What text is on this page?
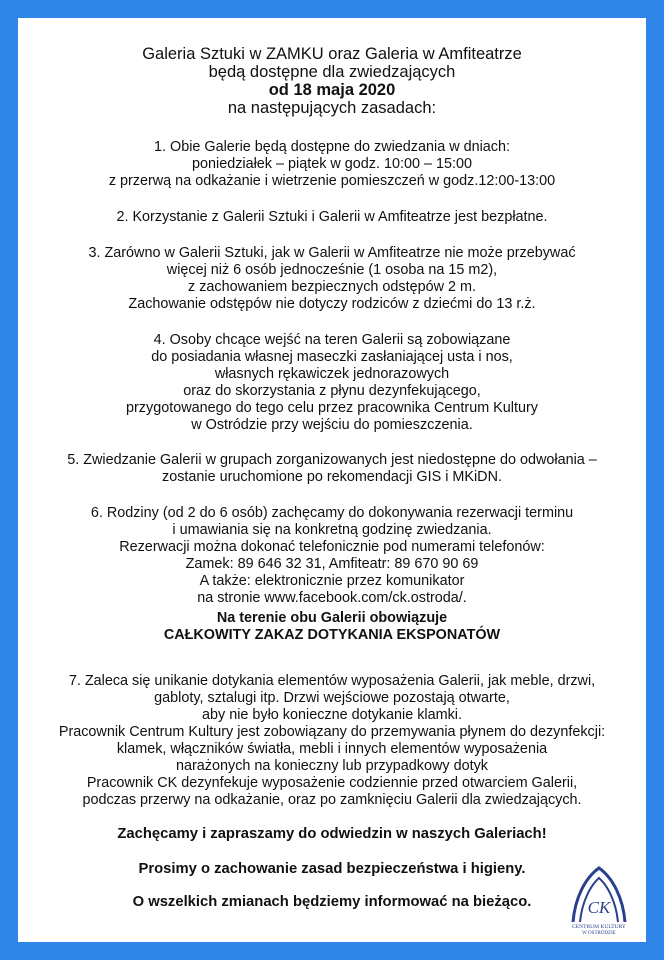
Galeria Sztuki w ZAMKU oraz Galeria w Amfiteatrze
będą dostępne dla zwiedzających
od 18 maja 2020
na następujących zasadach:
1. Obie Galerie będą dostępne do zwiedzania w dniach:
poniedziałek – piątek w godz. 10:00 – 15:00
z przerwą na odkażanie i wietrzenie pomieszczeń w godz.12:00-13:00
2. Korzystanie z Galerii Sztuki i Galerii w Amfiteatrze jest bezpłatne.
3. Zarówno w Galerii Sztuki, jak w Galerii w Amfiteatrze nie może przebywać
więcej niż 6 osób jednocześnie (1 osoba na 15 m2),
z zachowaniem bezpiecznych odstępów 2 m.
Zachowanie odstępów nie dotyczy rodziców z dziećmi do 13 r.ż.
4. Osoby chcące wejść na teren Galerii są zobowiązane
do posiadania własnej maseczki zasłaniającej usta i nos,
własnych rękawiczek jednorazowych
oraz do skorzystania z płynu dezynfekującego,
przygotowanego do tego celu przez pracownika Centrum Kultury
w Ostródzie przy wejściu do pomieszczenia.
5. Zwiedzanie Galerii w grupach zorganizowanych jest niedostępne do odwołania –
zostanie uruchomione po rekomendacji GIS i MKiDN.
6. Rodziny (od 2 do 6 osób) zachęcamy do dokonywania rezerwacji terminu
i umawiania się na konkretną godzinę zwiedzania.
Rezerwacji można dokonać telefonicznie pod numerami telefonów:
Zamek: 89 646 32 31, Amfiteatr: 89 670 90 69
A także: elektronicznie przez komunikator
na stronie www.facebook.com/ck.ostroda/.
Na terenie obu Galerii obowiązuje
CAŁKOWITY ZAKAZ DOTYKANIA EKSPONATÓW
7. Zaleca się unikanie dotykania elementów wyposażenia Galerii, jak meble, drzwi,
gabloty, sztalugi itp. Drzwi wejściowe pozostają otwarte,
aby nie było konieczne dotykanie klamki.
Pracownik Centrum Kultury jest zobowiązany do przemywania płynem do dezynfekcji:
klamek, włączników światła, mebli i innych elementów wyposażenia
narażonych na konieczny lub przypadkowy dotyk
Pracownik CK dezynfekuje wyposażenie codziennie przed otwarciem Galerii,
podczas przerwy na odkażanie, oraz po zamknięciu Galerii dla zwiedzających.
Zachęcamy i zapraszamy do odwiedzin w naszych Galeriach!
Prosimy o zachowanie zasad bezpieczeństwa i higieny.
O wszelkich zmianach będziemy informować na bieżąco.	CK
CENTRUM KULTURY
W OSTRÓDZIE
